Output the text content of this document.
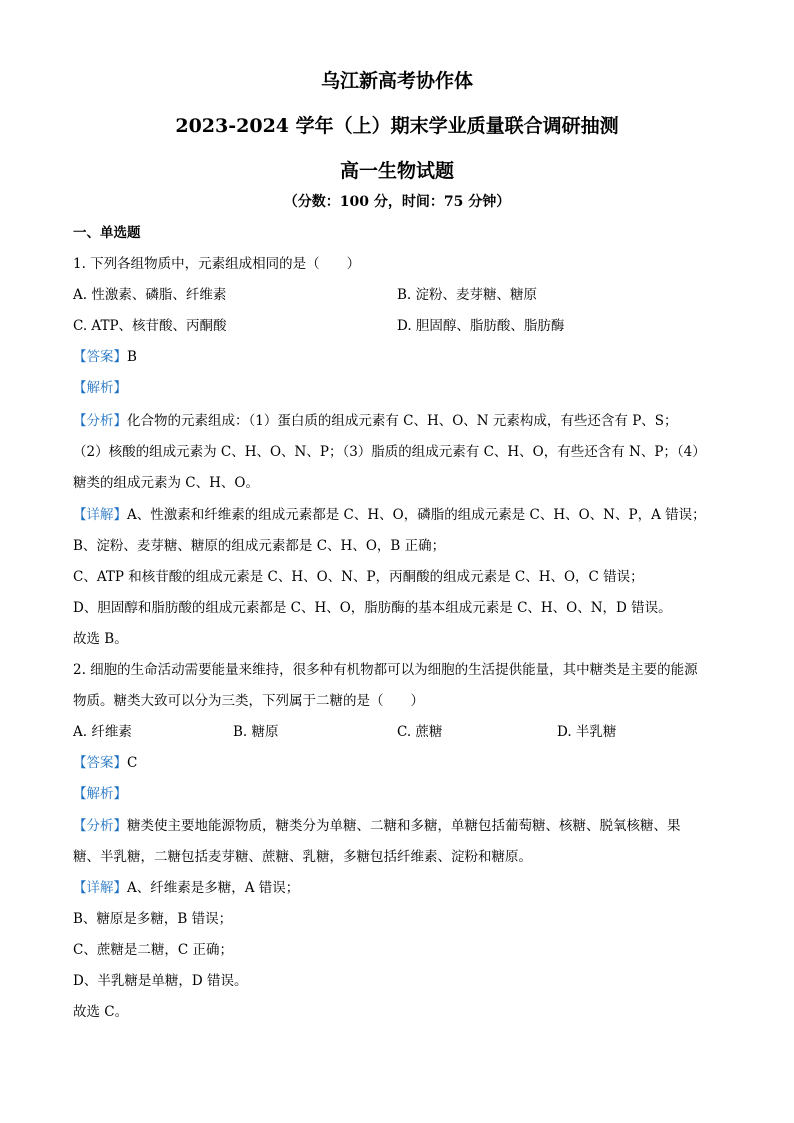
乌江新高考协作体
2023-2024 学年（上）期末学业质量联合调研抽测
高一生物试题
（分数：100 分，时间：75 分钟）
一、单选题
1. 下列各组物质中，元素组成相同的是（　　）
A. 性激素、磷脂、纤维素	B. 淀粉、麦芽糖、糖原
C. ATP、核苷酸、丙酮酸	D. 胆固醇、脂肪酸、脂肪酶
【答案】B
【解析】
【分析】化合物的元素组成：（1）蛋白质的组成元素有 C、H、O、N 元素构成，有些还含有 P、S；
（2）核酸的组成元素为 C、H、O、N、P；（3）脂质的组成元素有 C、H、O，有些还含有 N、P；（4）
糖类的组成元素为 C、H、O。
【详解】A、性激素和纤维素的组成元素都是 C、H、O，磷脂的组成元素是 C、H、O、N、P，A 错误；
B、淀粉、麦芽糖、糖原的组成元素都是 C、H、O，B 正确；
C、ATP 和核苷酸的组成元素是 C、H、O、N、P，丙酮酸的组成元素是 C、H、O，C 错误；
D、胆固醇和脂肪酸的组成元素都是 C、H、O，脂肪酶的基本组成元素是 C、H、O、N，D 错误。
故选 B。
2. 细胞的生命活动需要能量来维持，很多种有机物都可以为细胞的生活提供能量，其中糖类是主要的能源
物质。糖类大致可以分为三类，下列属于二糖的是（　　）
A. 纤维素	B. 糖原	C. 蔗糖	D. 半乳糖
【答案】C
【解析】
【分析】糖类使主要地能源物质，糖类分为单糖、二糖和多糖，单糖包括葡萄糖、核糖、脱氧核糖、果
糖、半乳糖，二糖包括麦芽糖、蔗糖、乳糖，多糖包括纤维素、淀粉和糖原。
【详解】A、纤维素是多糖，A 错误；
B、糖原是多糖，B 错误；
C、蔗糖是二糖，C 正确；
D、半乳糖是单糖，D 错误。
故选 C。
